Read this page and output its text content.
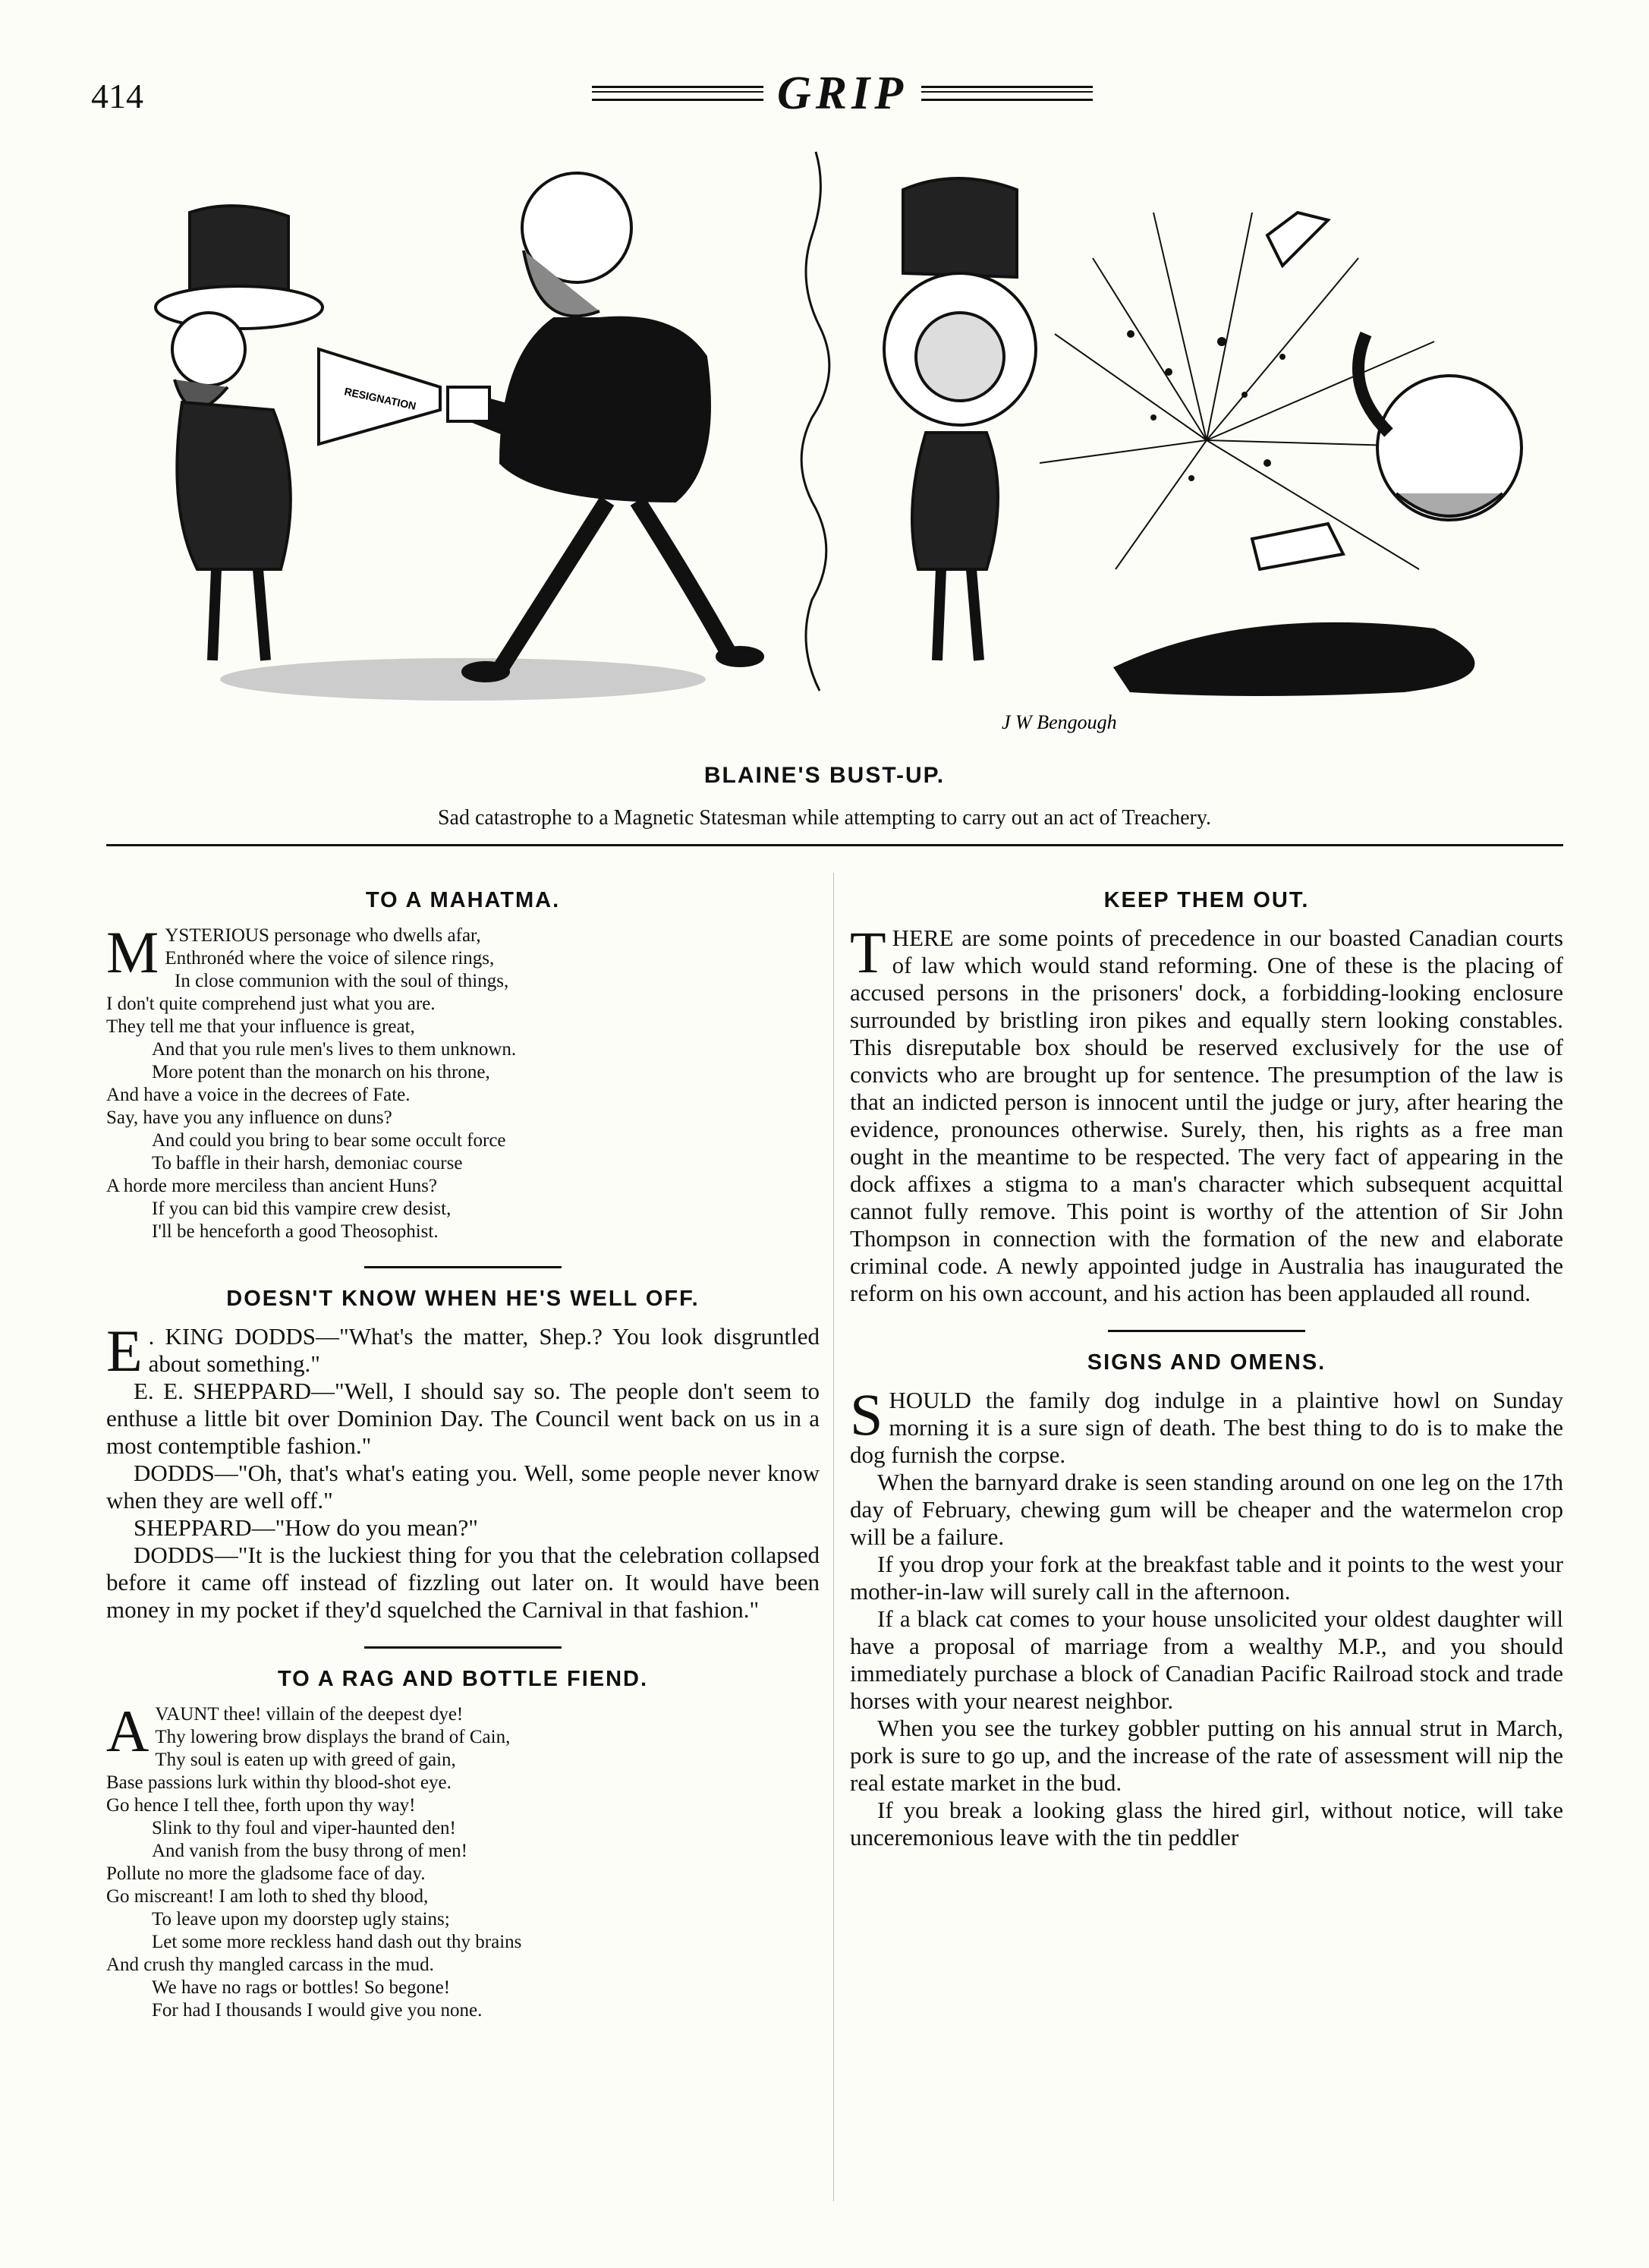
414	GRIP
RESIGNATION
J W Bengough
BLAINE'S BUST-UP.
Sad catastrophe to a Magnetic Statesman while attempting to carry out an act of Treachery.
TO A MAHATMA.
M YSTERIOUS personage who dwells afar,
Enthronéd where the voice of silence rings,
In close communion with the soul of things,
I don't quite comprehend just what you are.
They tell me that your influence is great,
And that you rule men's lives to them unknown.
More potent than the monarch on his throne,
And have a voice in the decrees of Fate.
Say, have you any influence on duns?
And could you bring to bear some occult force
To baffle in their harsh, demoniac course
A horde more merciless than ancient Huns?
If you can bid this vampire crew desist,
I'll be henceforth a good Theosophist.
DOESN'T KNOW WHEN HE'S WELL OFF.
E . KING DODDS—"What's the matter, Shep.? You look disgruntled about something."

E. E. SHEPPARD—"Well, I should say so. The people don't seem to enthuse a little bit over Dominion Day. The Council went back on us in a most contemptible fashion."

DODDS—"Oh, that's what's eating you. Well, some people never know when they are well off."

SHEPPARD—"How do you mean?"

DODDS—"It is the luckiest thing for you that the celebration collapsed before it came off instead of fizzling out later on. It would have been money in my pocket if they'd squelched the Carnival in that fashion."

TO A RAG AND BOTTLE FIEND.
A VAUNT thee! villain of the deepest dye!
Thy lowering brow displays the brand of Cain,
Thy soul is eaten up with greed of gain,
Base passions lurk within thy blood-shot eye.
Go hence I tell thee, forth upon thy way!
Slink to thy foul and viper-haunted den!
And vanish from the busy throng of men!
Pollute no more the gladsome face of day.
Go miscreant! I am loth to shed thy blood,
To leave upon my doorstep ugly stains;
Let some more reckless hand dash out thy brains
And crush thy mangled carcass in the mud.
We have no rags or bottles! So begone!
For had I thousands I would give you none.
KEEP THEM OUT.
T HERE are some points of precedence in our boasted Canadian courts of law which would stand reforming. One of these is the placing of accused persons in the prisoners' dock, a forbidding-looking enclosure surrounded by bristling iron pikes and equally stern looking constables. This disreputable box should be reserved exclusively for the use of convicts who are brought up for sentence. The presumption of the law is that an indicted person is innocent until the judge or jury, after hearing the evidence, pronounces otherwise. Surely, then, his rights as a free man ought in the meantime to be respected. The very fact of appearing in the dock affixes a stigma to a man's character which subsequent acquittal cannot fully remove. This point is worthy of the attention of Sir John Thompson in connection with the formation of the new and elaborate criminal code. A newly appointed judge in Australia has inaugurated the reform on his own account, and his action has been applauded all round.

SIGNS AND OMENS.
S HOULD the family dog indulge in a plaintive howl on Sunday morning it is a sure sign of death. The best thing to do is to make the dog furnish the corpse.

When the barnyard drake is seen standing around on one leg on the 17th day of February, chewing gum will be cheaper and the watermelon crop will be a failure.

If you drop your fork at the breakfast table and it points to the west your mother-in-law will surely call in the afternoon.

If a black cat comes to your house unsolicited your oldest daughter will have a proposal of marriage from a wealthy M.P., and you should immediately purchase a block of Canadian Pacific Railroad stock and trade horses with your nearest neighbor.

When you see the turkey gobbler putting on his annual strut in March, pork is sure to go up, and the increase of the rate of assessment will nip the real estate market in the bud.

If you break a looking glass the hired girl, without notice, will take unceremonious leave with the tin peddler
